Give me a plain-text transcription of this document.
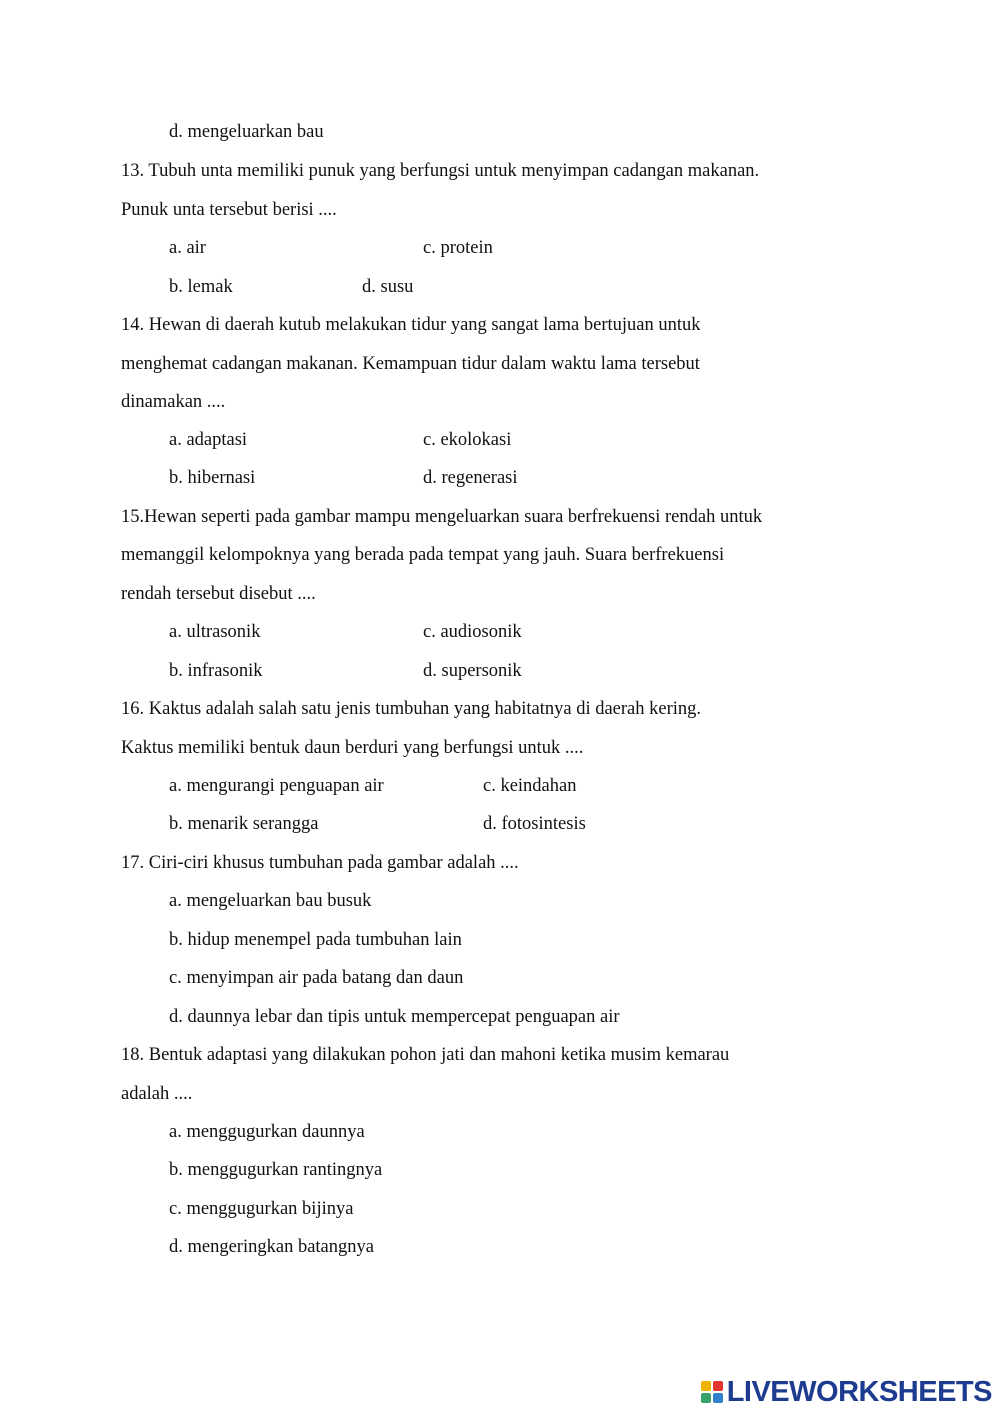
d. mengeluarkan bau
13. Tubuh unta memiliki punuk yang berfungsi untuk menyimpan cadangan makanan.
Punuk unta tersebut berisi ....
a. air	c. protein
b. lemak	d. susu
14. Hewan di daerah kutub melakukan tidur yang sangat lama bertujuan untuk
menghemat cadangan makanan. Kemampuan tidur dalam waktu lama tersebut
dinamakan ....
a. adaptasi	c. ekolokasi
b. hibernasi	d. regenerasi
15.Hewan seperti pada gambar mampu mengeluarkan suara berfrekuensi rendah untuk
memanggil kelompoknya yang berada pada tempat yang jauh. Suara berfrekuensi
rendah tersebut disebut ....
a. ultrasonik	c. audiosonik
b. infrasonik	d. supersonik
16. Kaktus adalah salah satu jenis tumbuhan yang habitatnya di daerah kering.
Kaktus memiliki bentuk daun berduri yang berfungsi untuk ....
a. mengurangi penguapan air	c. keindahan
b. menarik serangga	d. fotosintesis
17. Ciri-ciri khusus tumbuhan pada gambar adalah ....
a. mengeluarkan bau busuk
b. hidup menempel pada tumbuhan lain
c. menyimpan air pada batang dan daun
d. daunnya lebar dan tipis untuk mempercepat penguapan air
18. Bentuk adaptasi yang dilakukan pohon jati dan mahoni ketika musim kemarau
adalah ....
a. menggugurkan daunnya
b. menggugurkan rantingnya
c. menggugurkan bijinya
d. mengeringkan batangnya
LIVEWORKSHEETS
